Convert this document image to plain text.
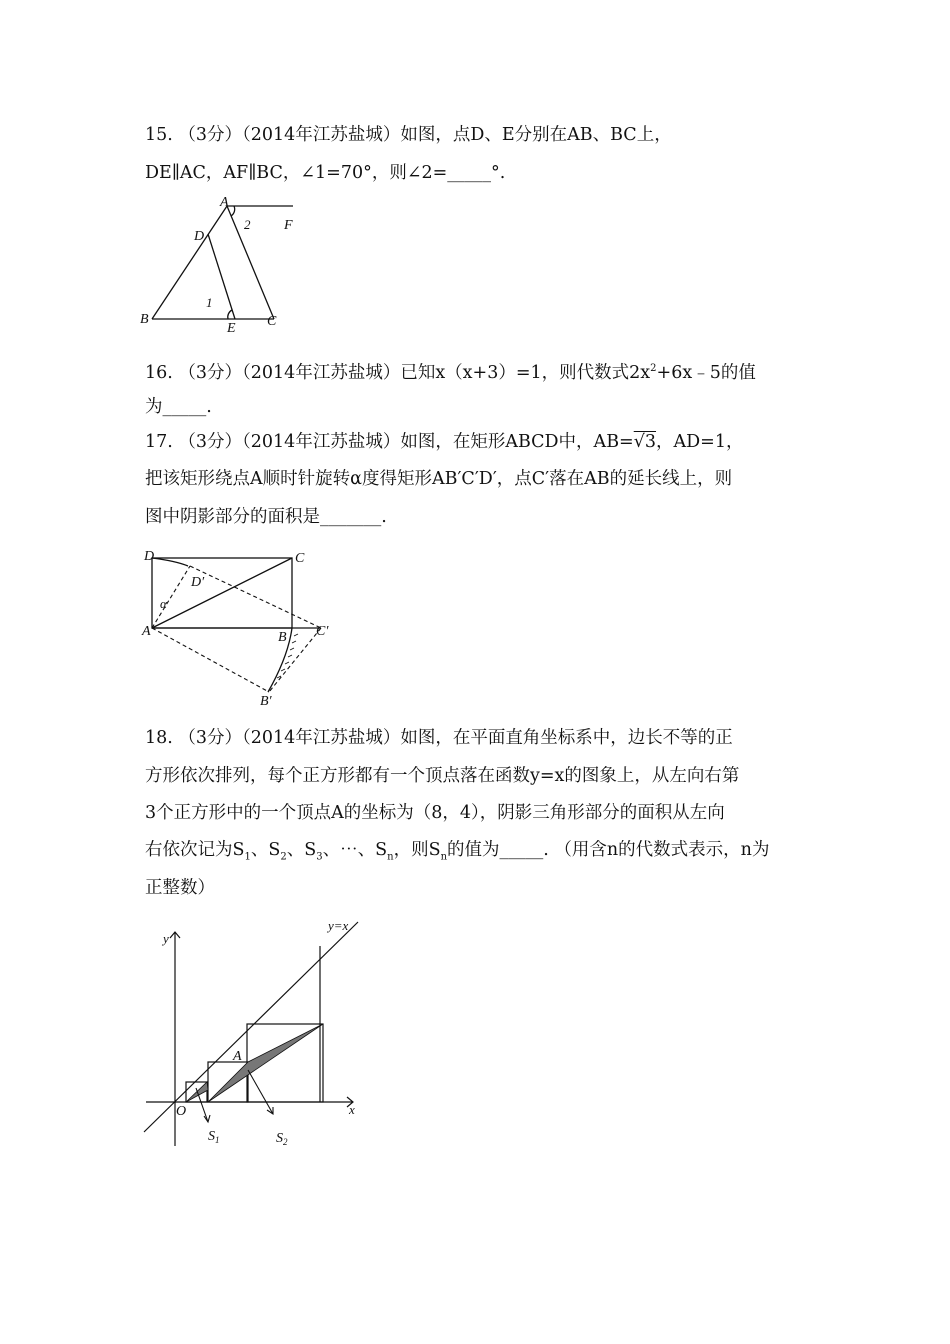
15. （3分）（2014年江苏盐城）如图，点D、E分别在AB、BC上，
DE∥AC，AF∥BC，∠1=70°，则∠2=_____°.
A
B	C
D
E
F
1
2
16. （3分）（2014年江苏盐城）已知x（x+3）=1，则代数式$2x^2+6x﹣5$的值
为_____.
17. （3分）（2014年江苏盐城）如图，在矩形ABCD中，AB=√3，AD=1，
把该矩形绕点A顺时针旋转α度得矩形AB′C′D′，点C′落在AB的延长线上，则
图中阴影部分的面积是_______.
D	C
D′
α
A	B C′
B′
18. （3分）（2014年江苏盐城）如图，在平面直角坐标系中，边长不等的正
方形依次排列，每个正方形都有一个顶点落在函数y=x的图象上，从左向右第
3个正方形中的一个顶点A的坐标为（8，4），阴影三角形部分的面积从左向
右依次记为$S_1$、$S_2$、$S_3$、⋯、$S_n$，则$S_n$的值为_____. （用含n的代数式表示，n为
正整数）
y
x
O
y=x
A
$S_1$	$S_2$
